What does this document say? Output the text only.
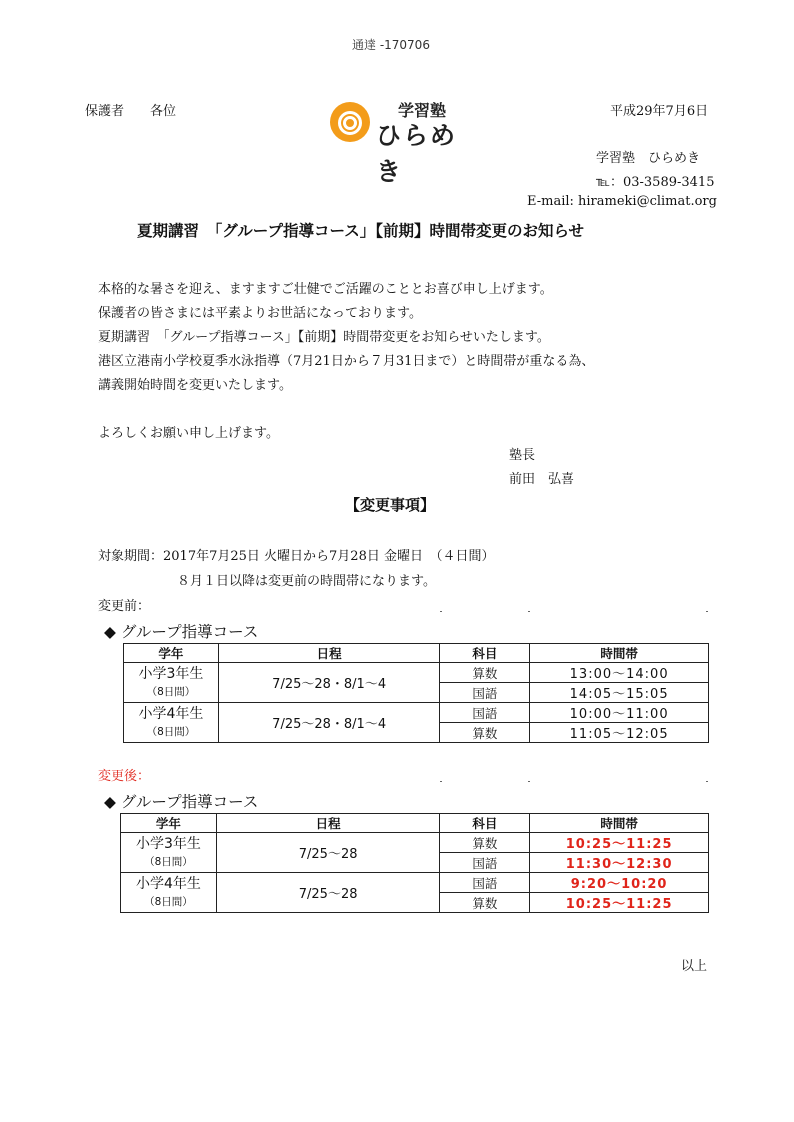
通達 -170706
保護者　　各位	平成29年7月6日
学習塾
ひらめき	学習塾　ひらめき
℡：03-3589-3415
E-mail: hirameki@climat.org
夏期講習　「グループ指導コース」【前期】時間帯変更のお知らせ
本格的な暑さを迎え、ますますご壮健でご活躍のこととお喜び申し上げます。
保護者の皆さまには平素よりお世話になっております。
夏期講習　「グループ指導コース」【前期】時間帯変更をお知らせいたします。
港区立港南小学校夏季水泳指導（7月21日から７月31日まで）と時間帯が重なる為、
講義開始時間を変更いたします。
よろしくお願い申し上げます。
塾長
前田　弘喜
【変更事項】
対象期間：2017年7月25日 火曜日から7月28日 金曜日　（４日間）
８月１日以降は変更前の時間帯になります。
変更前：
◆ グループ指導コース
学年	日程	科目	時間帯

小学3年生
（8日間）	7/25～28・8/1～4	算数	13:00～14:00
		国語	14:05～15:05

小学4年生
（8日間）	7/25～28・8/1～4	国語	10:00～11:00
		算数	11:05～12:05
変更後：
◆ グループ指導コース
学年	日程	科目	時間帯

小学3年生
（8日間）	7/25～28	算数	10:25～11:25
		国語	11:30～12:30

小学4年生
（8日間）	7/25～28	国語	9:20～10:20
		算数	10:25～11:25
以上
